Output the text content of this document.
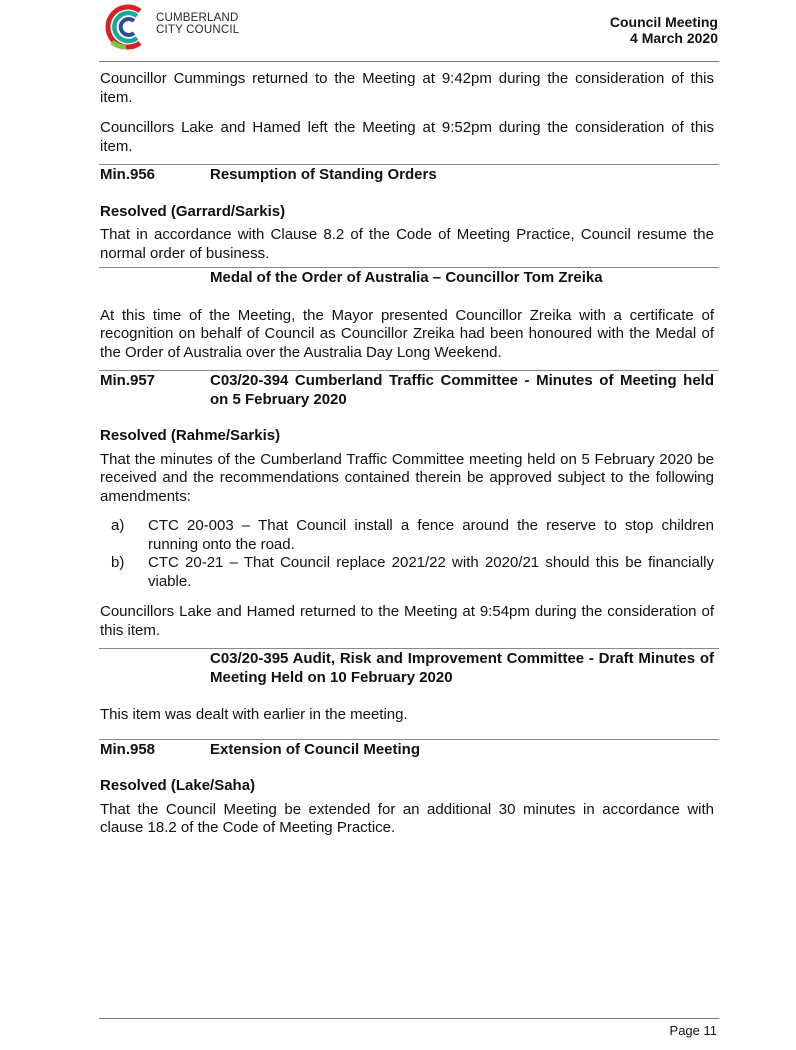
CUMBERLAND
CITY COUNCIL	Council Meeting
4 March 2020

Councillor Cummings returned to the Meeting at 9:42pm during the consideration of this item.

Councillors Lake and Hamed left the Meeting at 9:52pm during the consideration of this item.

Min.956	Resumption of Standing Orders
Resolved (Garrard/Sarkis)

That in accordance with Clause 8.2 of the Code of Meeting Practice, Council resume the normal order of business.

Medal of the Order of Australia – Councillor Tom Zreika

At this time of the Meeting, the Mayor presented Councillor Zreika with a certificate of recognition on behalf of Council as Councillor Zreika had been honoured with the Medal of the Order of Australia over the Australia Day Long Weekend.

Min.957	C03/20-394 Cumberland Traffic Committee - Minutes of Meeting held on 5 February 2020
Resolved (Rahme/Sarkis)

That the minutes of the Cumberland Traffic Committee meeting held on 5 February 2020 be received and the recommendations contained therein be approved subject to the following amendments:

a)	CTC 20-003 – That Council install a fence around the reserve to stop children running onto the road.
b)	CTC 20-21 – That Council replace 2021/22 with 2020/21 should this be financially viable.

Councillors Lake and Hamed returned to the Meeting at 9:54pm during the consideration of this item.

C03/20-395 Audit, Risk and Improvement Committee - Draft Minutes of Meeting Held on 10 February 2020

This item was dealt with earlier in the meeting.

Min.958	Extension of Council Meeting
Resolved (Lake/Saha)

That the Council Meeting be extended for an additional 30 minutes in accordance with clause 18.2 of the Code of Meeting Practice.

Page 11
